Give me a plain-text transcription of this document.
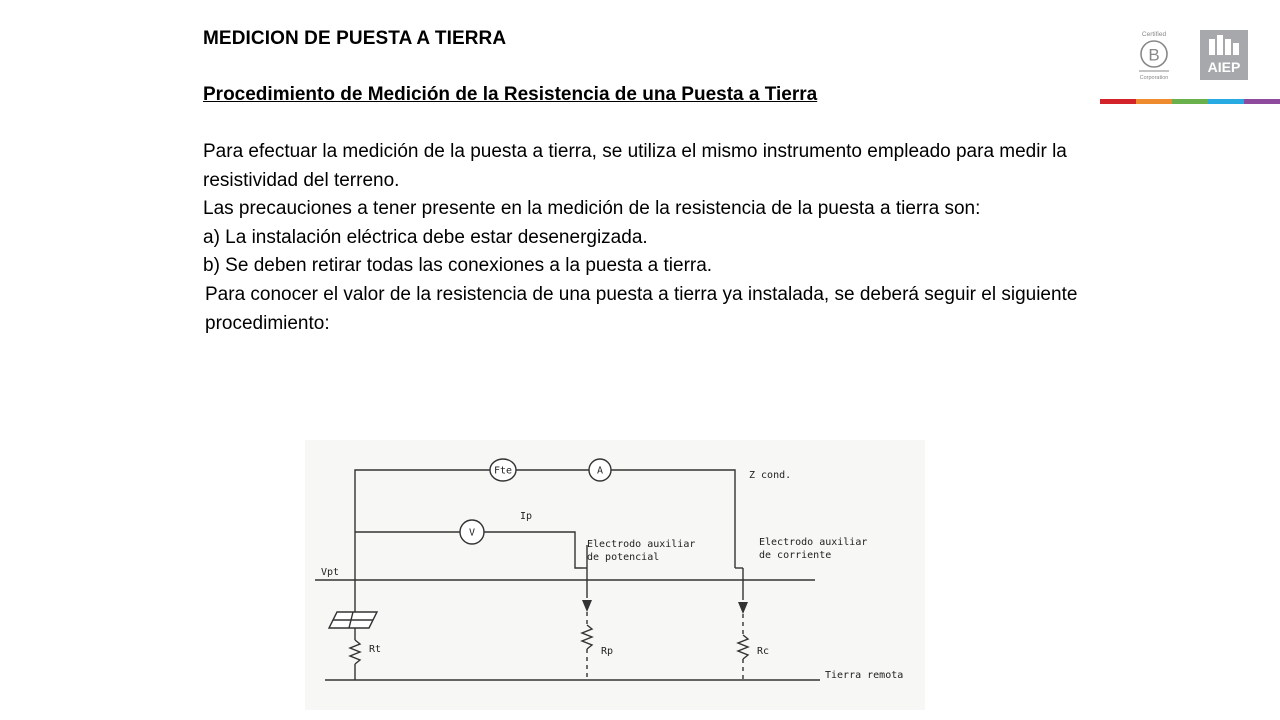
MEDICION DE PUESTA A TIERRA
Procedimiento de Medición de la Resistencia de una Puesta a Tierra

Para efectuar la medición de la puesta a tierra, se utiliza el mismo instrumento empleado para medir la resistividad del terreno.

Las precauciones a tener presente en la medición de la resistencia de la puesta a tierra son:

a) La instalación eléctrica debe estar desenergizada.

b) Se deben retirar todas las conexiones a la puesta a tierra.

Para conocer el valor de la resistencia de una puesta a tierra ya instalada, se deberá seguir el siguiente procedimiento:

Certified
B
Corporation
AIEP
Fte	A
V
Z cond.
Ip
Vpt
Electrodo auxiliar
de potencial
Electrodo auxiliar
de corriente
Rt	Rp	Rc
Tierra remota
